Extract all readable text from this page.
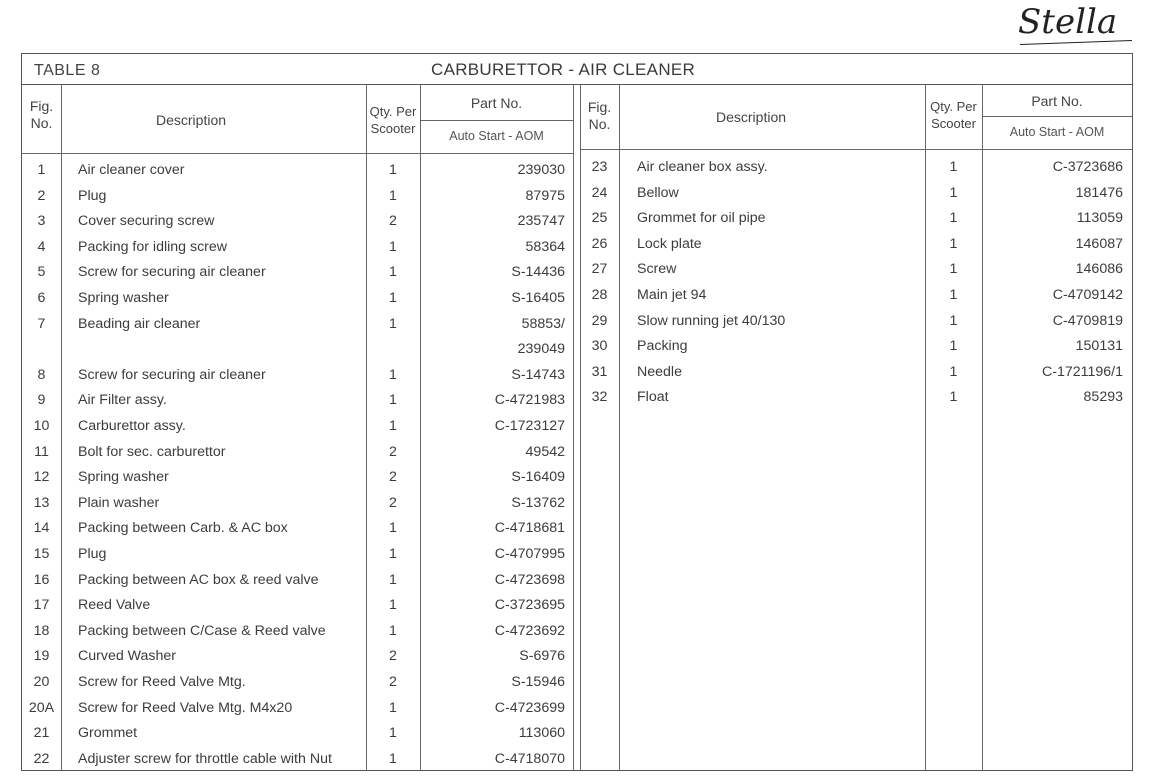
Stella
TABLE 8	CARBURETTOR - AIR CLEANER
Fig.
No.	Description
Qty. Per
Scooter
Part No.
Auto Start - AOM
Fig.
No.	Description
Qty. Per
Scooter
Part No.
Auto Start - AOM
1	Air cleaner cover	1	239030
2	Plug	1	87975
3	Cover securing screw	2	235747
4	Packing for idling screw	1	58364
5	Screw for securing air cleaner	1	S-14436
6	Spring washer	1	S-16405
7	Beading air cleaner	1	58853/
239049
8	Screw for securing air cleaner	1	S-14743
9	Air Filter assy.	1	C-4721983
10	Carburettor assy.	1	C-1723127
11	Bolt for sec. carburettor	2	49542
12	Spring washer	2	S-16409
13	Plain washer	2	S-13762
14	Packing between Carb. & AC box	1	C-4718681
15	Plug	1	C-4707995
16	Packing between AC box & reed valve	1	C-4723698
17	Reed Valve	1	C-3723695
18	Packing between C/Case & Reed valve	1	C-4723692
19	Curved Washer	2	S-6976
20	Screw for Reed Valve Mtg.	2	S-15946
20A	Screw for Reed Valve Mtg. M4x20	1	C-4723699
21	Grommet	1	113060
22	Adjuster screw for throttle cable with Nut	1	C-4718070
23	Air cleaner box assy.	1	C-3723686
24	Bellow	1	181476
25	Grommet for oil pipe	1	113059
26	Lock plate	1	146087
27	Screw	1	146086
28	Main jet 94	1	C-4709142
29	Slow running jet 40/130	1	C-4709819
30	Packing	1	150131
31	Needle	1	C-1721196/1
32	Float	1	85293
